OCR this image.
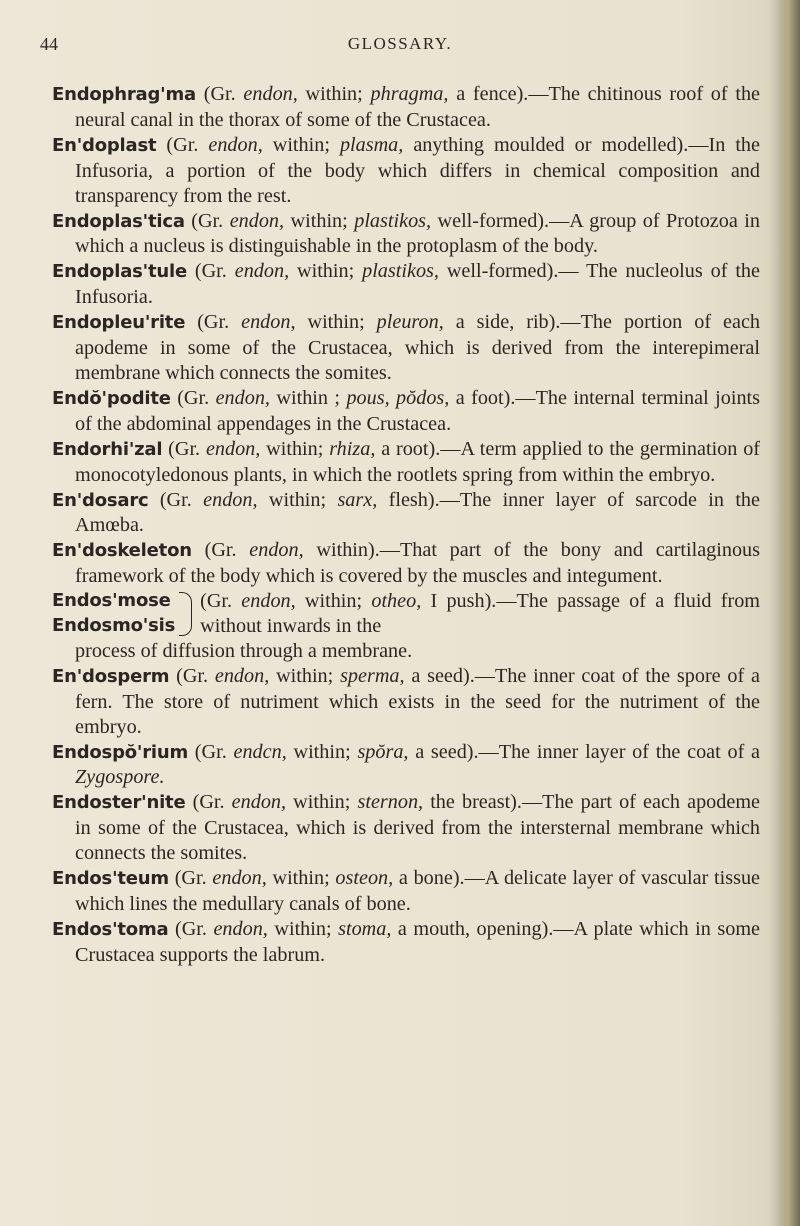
GLOSSARY.
44

Endophrag'ma (Gr. endon, within; phragma, a fence).—The chitinous roof of the neural canal in the thorax of some of the Crustacea.

En'doplast (Gr. endon, within; plasma, anything moulded or modelled).—In the Infusoria, a portion of the body which differs in chemical composition and transparency from the rest.

Endoplas'tica (Gr. endon, within; plastikos, well-formed).—A group of Protozoa in which a nucleus is distinguishable in the protoplasm of the body.

Endoplas'tule (Gr. endon, within; plastikos, well-formed).— The nucleolus of the Infusoria.

Endopleu'rite (Gr. endon, within; pleuron, a side, rib).—The portion of each apodeme in some of the Crustacea, which is derived from the interepimeral membrane which connects the somites.

Endŏ'podite (Gr. endon, within ; pous, pŏdos, a foot).—The internal terminal joints of the abdominal appendages in the Crustacea.

Endorhi'zal (Gr. endon, within; rhiza, a root).—A term applied to the germination of monocotyledonous plants, in which the rootlets spring from within the embryo.

En'dosarc (Gr. endon, within; sarx, flesh).—The inner layer of sarcode in the Amœba.

En'doskeleton (Gr. endon, within).—That part of the bony and cartilaginous framework of the body which is covered by the muscles and integument.

Endos'mose
Endosmo'sis
(Gr. endon, within; otheo, I push).—The passage of a fluid from without inwards in the

process of diffusion through a membrane.

En'dosperm (Gr. endon, within; sperma, a seed).—The inner coat of the spore of a fern. The store of nutriment which exists in the seed for the nutriment of the embryo.

Endospŏ'rium (Gr. endcn, within; spŏra, a seed).—The inner layer of the coat of a Zygospore.

Endoster'nite (Gr. endon, within; sternon, the breast).—The part of each apodeme in some of the Crustacea, which is derived from the intersternal membrane which connects the somites.

Endos'teum (Gr. endon, within; osteon, a bone).—A delicate layer of vascular tissue which lines the medullary canals of bone.

Endos'toma (Gr. endon, within; stoma, a mouth, opening).—A plate which in some Crustacea supports the labrum.
